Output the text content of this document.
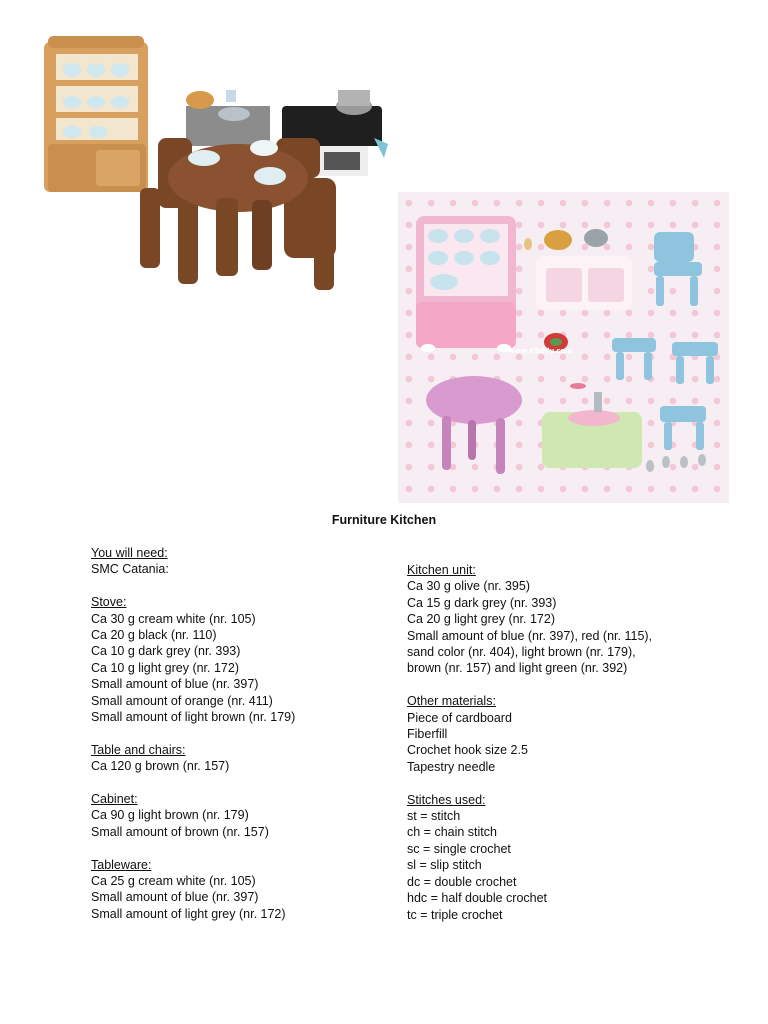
www.Pbdily.com
Furniture Kitchen
You will need:
SMC Catania:
Stove:
Ca 30 g cream white (nr. 105)
Ca 20 g black (nr. 110)
Ca 10 g dark grey (nr. 393)
Ca 10 g light grey (nr. 172)
Small amount of blue (nr. 397)
Small amount of orange (nr. 411)
Small amount of light brown (nr. 179)
Table and chairs:
Ca 120 g brown (nr. 157)
Cabinet:
Ca 90 g light brown (nr. 179)
Small amount of brown (nr. 157)
Tableware:
Ca 25 g cream white (nr. 105)
Small amount of blue (nr. 397)
Small amount of light grey (nr. 172)
Kitchen unit:
Ca 30 g olive (nr. 395)
Ca 15 g dark grey (nr. 393)
Ca 20 g light grey (nr. 172)
Small amount of blue (nr. 397), red (nr. 115),
sand color (nr. 404), light brown (nr. 179),
brown (nr. 157) and light green (nr. 392)
Other materials:
Piece of cardboard
Fiberfill
Crochet hook size 2.5
Tapestry needle
Stitches used:
st = stitch
ch = chain stitch
sc = single crochet
sl = slip stitch
dc = double crochet
hdc = half double crochet
tc = triple crochet
